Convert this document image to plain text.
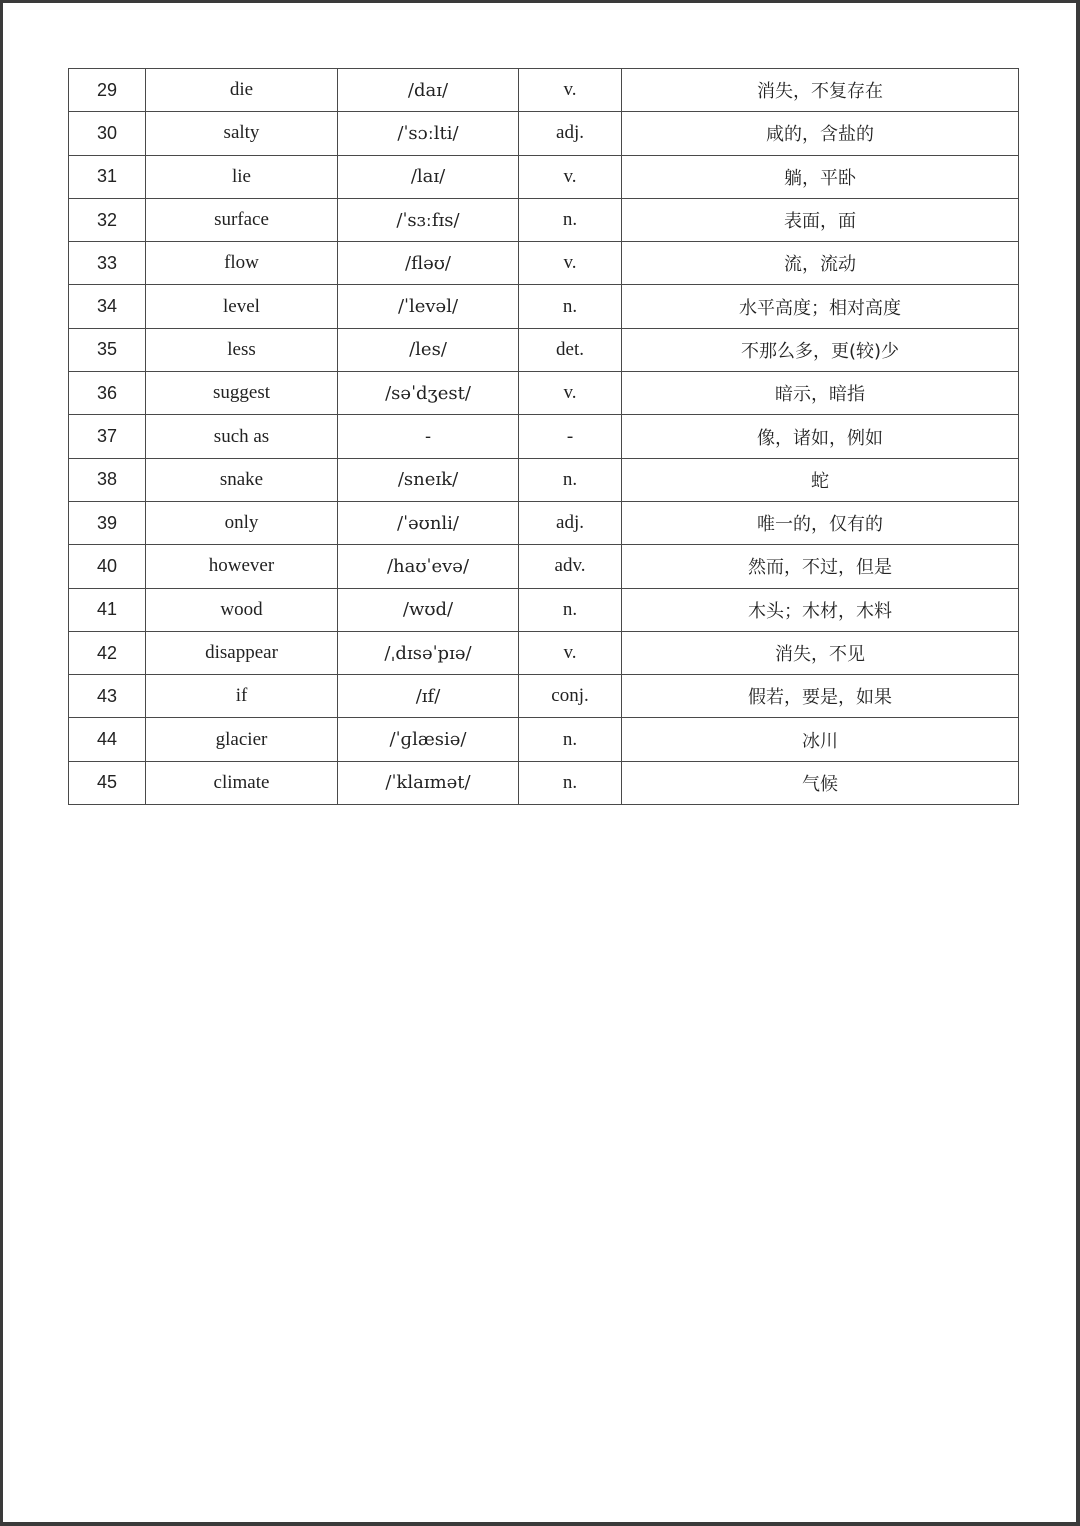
29	die	/daɪ/	v.	消失，不复存在
30	salty	/ˈsɔːlti/	adj.	咸的，含盐的
31	lie	/laɪ/	v.	躺，平卧
32	surface	/ˈsɜːfɪs/	n.	表面，面
33	flow	/fləʊ/	v.	流，流动
34	level	/ˈlevəl/	n.	水平高度；相对高度
35	less	/les/	det.	不那么多，更(较)少
36	suggest	/səˈdʒest/	v.	暗示，暗指
37	such as	-	-	像，诸如，例如
38	snake	/sneɪk/	n.	蛇
39	only	/ˈəʊnli/	adj.	唯一的，仅有的
40	however	/haʊˈevə/	adv.	然而，不过，但是
41	wood	/wʊd/	n.	木头；木材，木料
42	disappear	/ˌdɪsəˈpɪə/	v.	消失，不见
43	if	/ɪf/	conj.	假若，要是，如果
44	glacier	/ˈɡlæsiə/	n.	冰川
45	climate	/ˈklaɪmət/	n.	气候
